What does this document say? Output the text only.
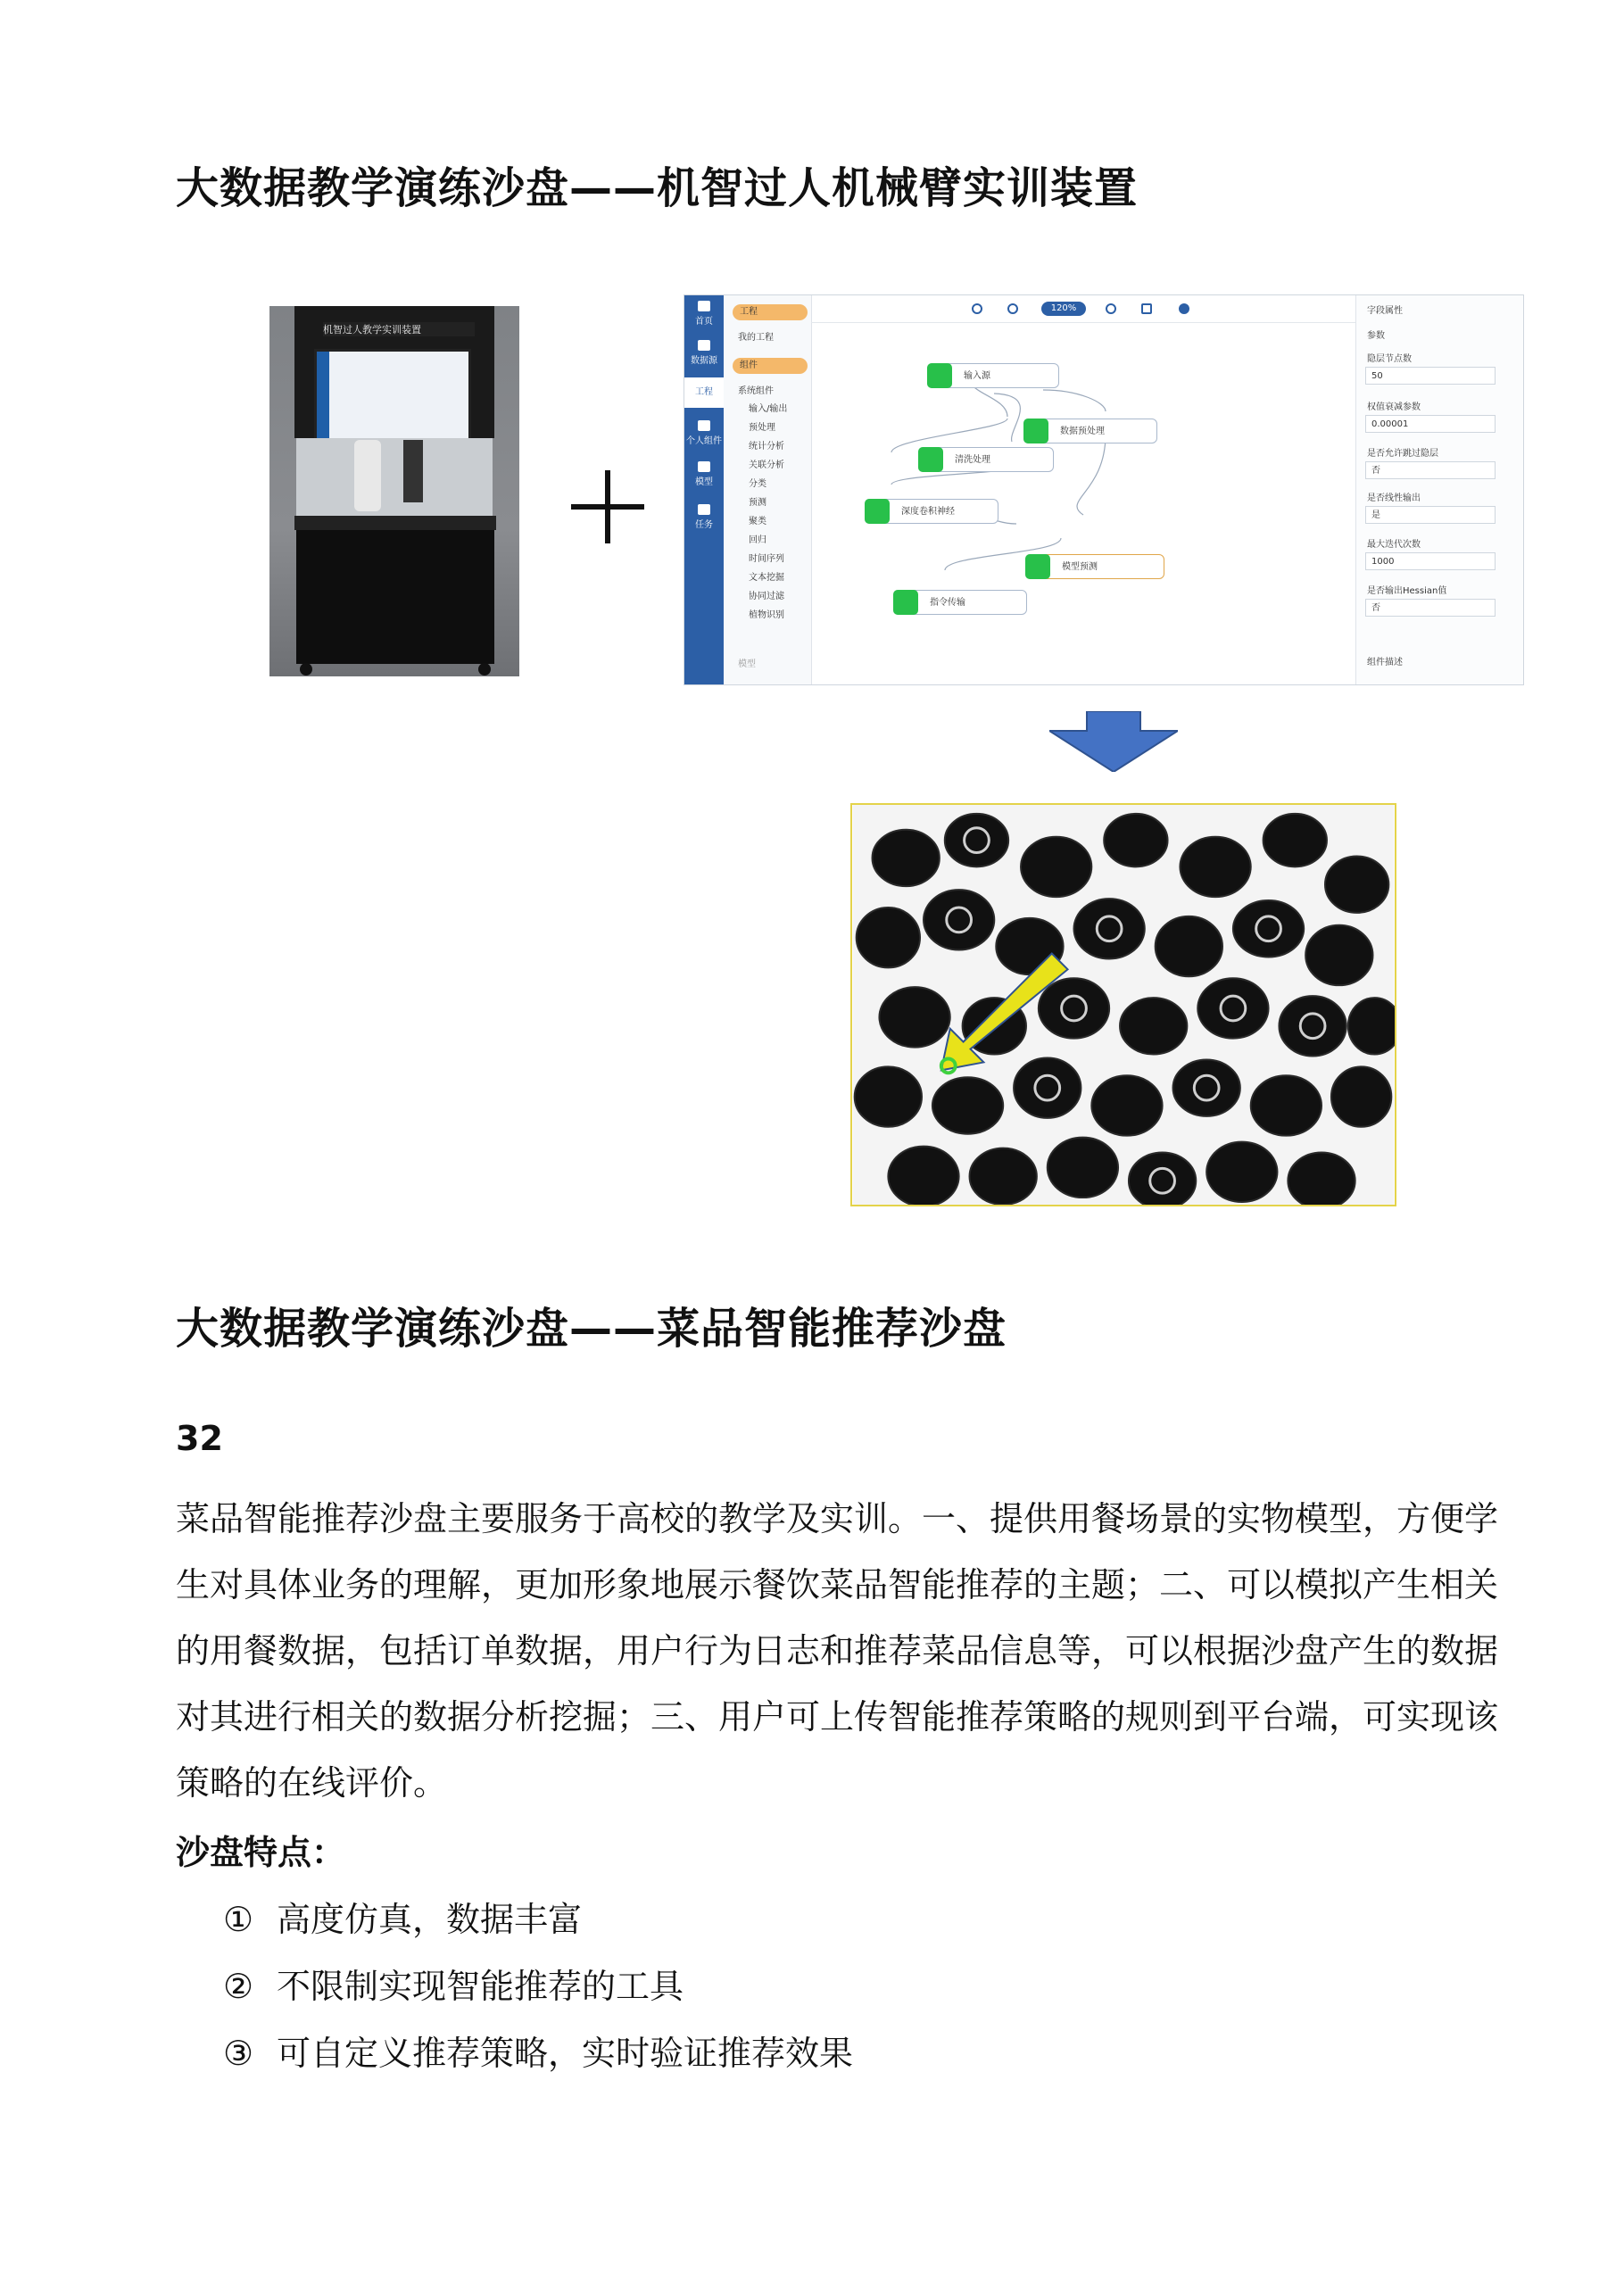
大数据教学演练沙盘——机智过人机械臂实训装置
机智过人教学实训装置
首页
数据源
工程
个人组件
模型
任务
工程
我的工程
组件
系统组件
输入/输出
预处理
统计分析
关联分析
分类
预测
聚类
回归
时间序列
文本挖掘
协同过滤
植物识别
模型
120%
输入源
数据预处理
清洗处理
深度卷积神经
模型预测
指令传输
字段属性
参数
隐层节点数
50
权值衰减参数
0.00001
是否允许跳过隐层
否
是否线性输出
是
最大迭代次数
1000
是否输出Hessian值
否
组件描述
大数据教学演练沙盘——菜品智能推荐沙盘
32
菜品智能推荐沙盘主要服务于高校的教学及实训。一、提供用餐场景的实物模型，方便学
生对具体业务的理解，更加形象地展示餐饮菜品智能推荐的主题；二、可以模拟产生相关
的用餐数据，包括订单数据，用户行为日志和推荐菜品信息等，可以根据沙盘产生的数据
对其进行相关的数据分析挖掘；三、用户可上传智能推荐策略的规则到平台端，可实现该
策略的在线评价。
沙盘特点：
① 高度仿真，数据丰富
② 不限制实现智能推荐的工具
③ 可自定义推荐策略，实时验证推荐效果
